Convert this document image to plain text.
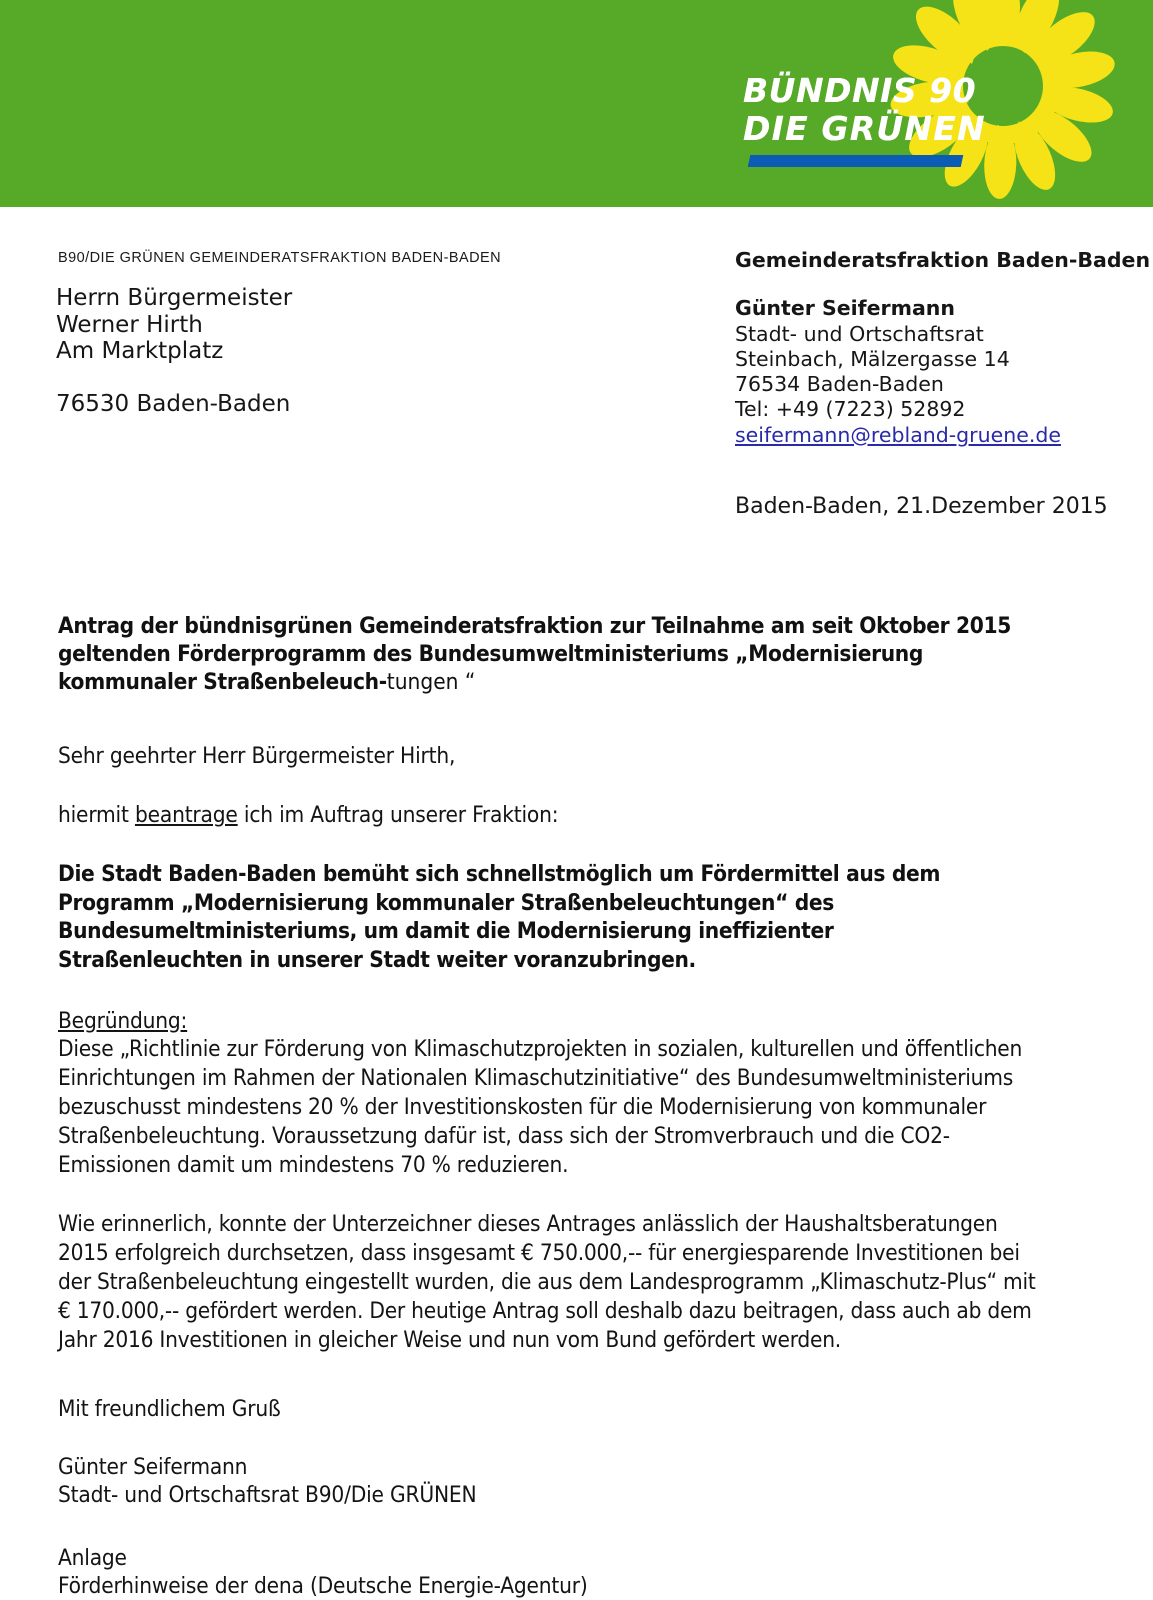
BÜNDNIS 90
DIE GRÜNEN
B90/DIE GRÜNEN GEMEINDERATSFRAKTION BADEN-BADEN
Herrn Bürgermeister
Werner Hirth
Am Marktplatz
76530 Baden-Baden
Gemeinderatsfraktion Baden-Baden
Günter Seifermann
Stadt- und Ortschaftsrat
Steinbach, Mälzergasse 14
76534 Baden-Baden
Tel: +49 (7223) 52892
seifermann@rebland-gruene.de
Baden-Baden, 21.Dezember 2015
Antrag der bündnisgrünen Gemeinderatsfraktion zur Teilnahme am seit Oktober 2015 geltenden Förderprogramm des Bundesumweltministeriums „Modernisierung kommunaler Straßenbeleuch-tungen “
Sehr geehrter Herr Bürgermeister Hirth,
hiermit beantrage ich im Auftrag unserer Fraktion:
Die Stadt Baden-Baden bemüht sich schnellstmöglich um Fördermittel aus dem Programm „Modernisierung kommunaler Straßenbeleuchtungen“ des Bundesumeltministeriums, um damit die Modernisierung ineffizienter Straßenleuchten in unserer Stadt weiter voranzubringen.
Begründung:
Diese „Richtlinie zur Förderung von Klimaschutzprojekten in sozialen, kulturellen und öffentlichen Einrichtungen im Rahmen der Nationalen Klimaschutzinitiative“ des Bundesumweltministeriums bezuschusst mindestens 20 % der Investitionskosten für die Modernisierung von kommunaler Straßenbeleuchtung. Voraussetzung dafür ist, dass sich der Stromverbrauch und die CO2-Emissionen damit um mindestens 70 % reduzieren.
Wie erinnerlich, konnte der Unterzeichner dieses Antrages anlässlich der Haushaltsberatungen 2015 erfolgreich durchsetzen, dass insgesamt € 750.000,-- für energiesparende Investitionen bei der Straßenbeleuchtung eingestellt wurden, die aus dem Landesprogramm „Klimaschutz-Plus“ mit € 170.000,-- gefördert werden. Der heutige Antrag soll deshalb dazu beitragen, dass auch ab dem Jahr 2016 Investitionen in gleicher Weise und nun vom Bund gefördert werden.
Mit freundlichem Gruß
Günter Seifermann
Stadt- und Ortschaftsrat B90/Die GRÜNEN
Anlage
Förderhinweise der dena (Deutsche Energie-Agentur)
